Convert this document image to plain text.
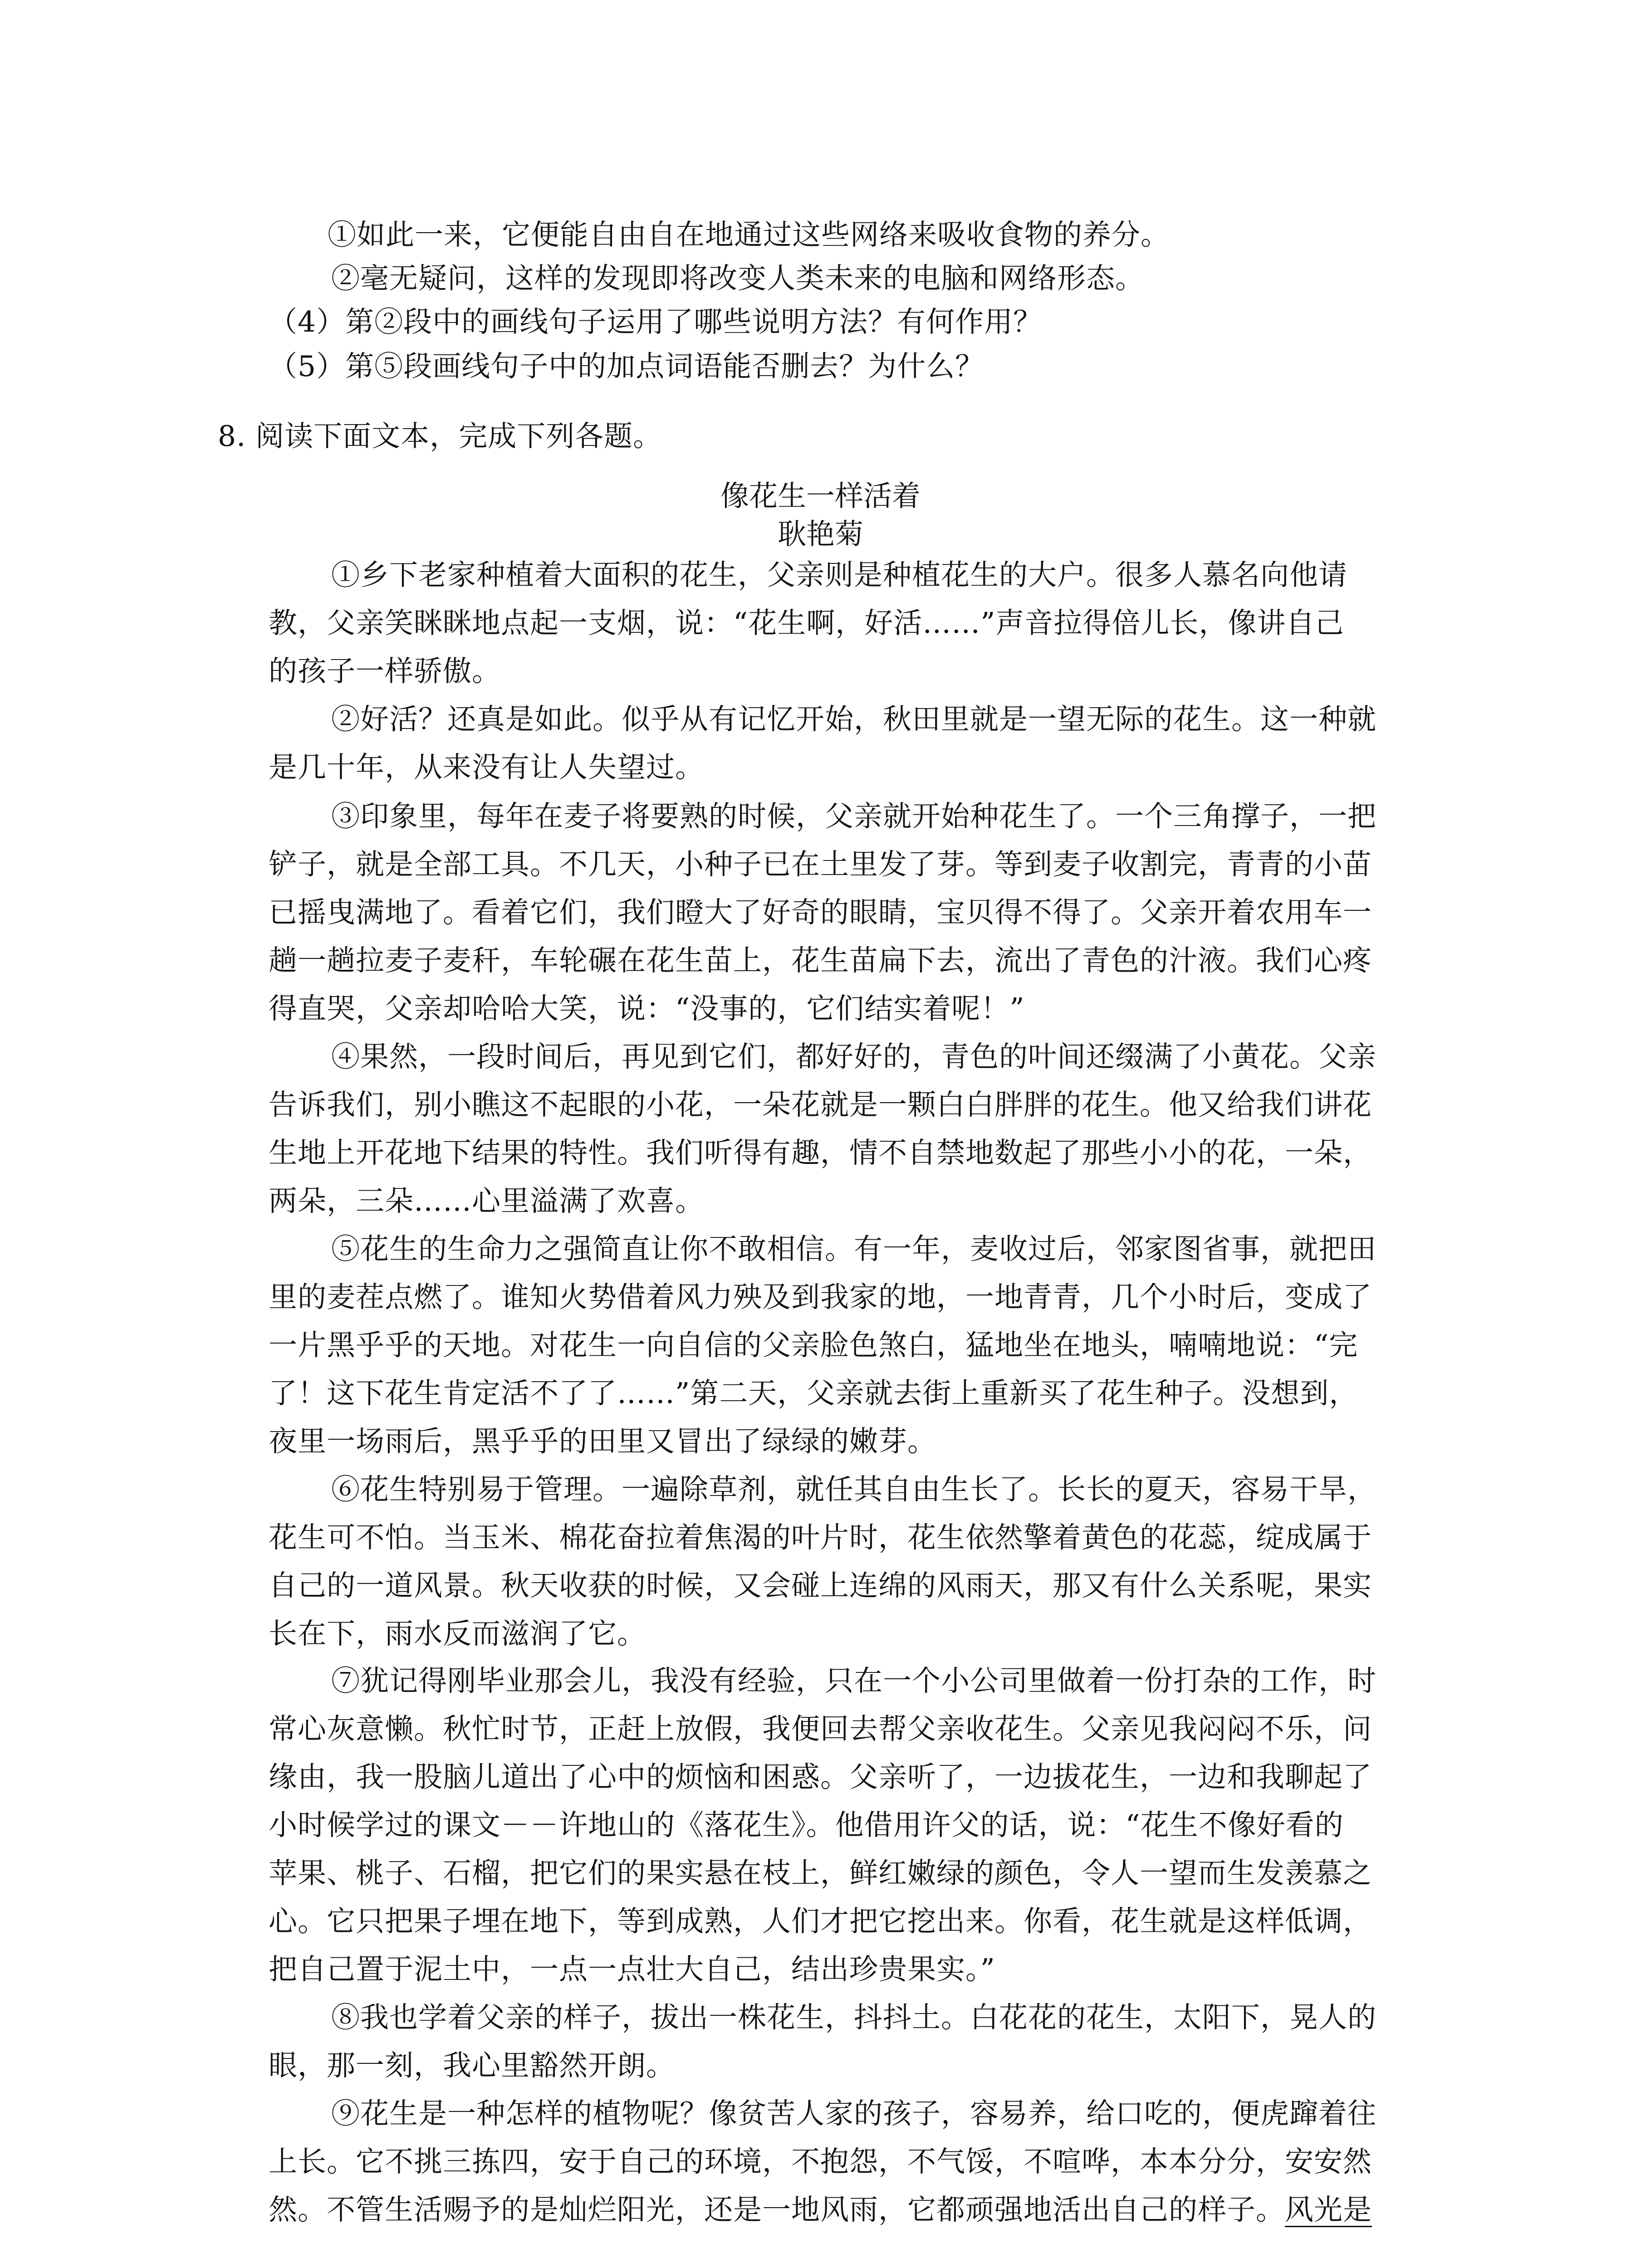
①如此一来，它便能自由自在地通过这些网络来吸收食物的养分。
②毫无疑问，这样的发现即将改变人类未来的电脑和网络形态。
（4）第②段中的画线句子运用了哪些说明方法？有何作用？
（5）第⑤段画线句子中的加点词语能否删去？为什么？
8. 阅读下面文本，完成下列各题。
像花生一样活着
耿艳菊
①乡下老家种植着大面积的花生，父亲则是种植花生的大户。很多人慕名向他请
教，父亲笑眯眯地点起一支烟，说：“花生啊，好活……”声音拉得倍儿长，像讲自己
的孩子一样骄傲。
②好活？还真是如此。似乎从有记忆开始，秋田里就是一望无际的花生。这一种就
是几十年，从来没有让人失望过。
③印象里，每年在麦子将要熟的时候，父亲就开始种花生了。一个三角撑子，一把
铲子，就是全部工具。不几天，小种子已在土里发了芽。等到麦子收割完，青青的小苗
已摇曳满地了。看着它们，我们瞪大了好奇的眼睛，宝贝得不得了。父亲开着农用车一
趟一趟拉麦子麦秆，车轮碾在花生苗上，花生苗扁下去，流出了青色的汁液。我们心疼
得直哭，父亲却哈哈大笑，说：“没事的，它们结实着呢！”
④果然，一段时间后，再见到它们，都好好的，青色的叶间还缀满了小黄花。父亲
告诉我们，别小瞧这不起眼的小花，一朵花就是一颗白白胖胖的花生。他又给我们讲花
生地上开花地下结果的特性。我们听得有趣，情不自禁地数起了那些小小的花，一朵，
两朵，三朵……心里溢满了欢喜。
⑤花生的生命力之强简直让你不敢相信。有一年，麦收过后，邻家图省事，就把田
里的麦茬点燃了。谁知火势借着风力殃及到我家的地，一地青青，几个小时后，变成了
一片黑乎乎的天地。对花生一向自信的父亲脸色煞白，猛地坐在地头，喃喃地说：“完
了！这下花生肯定活不了了……”第二天，父亲就去街上重新买了花生种子。没想到，
夜里一场雨后，黑乎乎的田里又冒出了绿绿的嫩芽。
⑥花生特别易于管理。一遍除草剂，就任其自由生长了。长长的夏天，容易干旱，
花生可不怕。当玉米、棉花奋拉着焦渴的叶片时，花生依然擎着黄色的花蕊，绽成属于
自己的一道风景。秋天收获的时候，又会碰上连绵的风雨天，那又有什么关系呢，果实
长在下，雨水反而滋润了它。
⑦犹记得刚毕业那会儿，我没有经验，只在一个小公司里做着一份打杂的工作，时
常心灰意懒。秋忙时节，正赶上放假，我便回去帮父亲收花生。父亲见我闷闷不乐，问
缘由，我一股脑儿道出了心中的烦恼和困惑。父亲听了，一边拔花生，一边和我聊起了
小时候学过的课文－－许地山的《落花生》。他借用许父的话，说：“花生不像好看的
苹果、桃子、石榴，把它们的果实悬在枝上，鲜红嫩绿的颜色，令人一望而生发羡慕之
心。它只把果子埋在地下，等到成熟，人们才把它挖出来。你看，花生就是这样低调，
把自己置于泥土中，一点一点壮大自己，结出珍贵果实。”
⑧我也学着父亲的样子，拔出一株花生，抖抖土。白花花的花生，太阳下，晃人的
眼，那一刻，我心里豁然开朗。
⑨花生是一种怎样的植物呢？像贫苦人家的孩子，容易养，给口吃的，便虎蹿着往
上长。它不挑三拣四，安于自己的环境，不抱怨，不气馁，不喧哗，本本分分，安安然
然。不管生活赐予的是灿烂阳光，还是一地风雨，它都顽强地活出自己的样子。风光是
